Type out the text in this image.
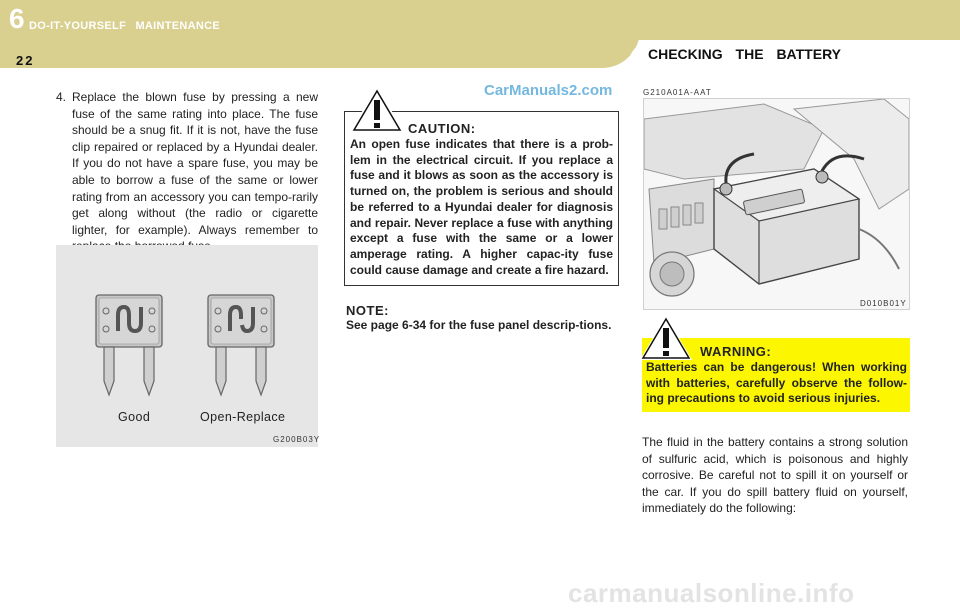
6 DO-IT-YOURSELF MAINTENANCE
22	CHECKING THE BATTERY
CarManuals2.com
4. Replace the blown fuse by pressing a new fuse of the same rating into place. The fuse should be a snug fit. If it is not, have the fuse clip repaired or replaced by a Hyundai dealer. If you do not have a spare fuse, you may be able to borrow a fuse of the same or lower rating from an accessory you can tempo-rarily get along without (the radio or cigarette lighter, for example). Always remember to
Good	Open-Replace
G200B03Y
CAUTION:
An open fuse indicates that there is a prob-lem in the electrical circuit. If you replace a fuse and it blows as soon as the accessory is turned on, the problem is serious and should be referred to a Hyundai dealer for diagnosis and repair. Never replace a fuse with anything except a fuse with the same or a lower amperage rating. A higher capac-ity fuse could cause damage and create a fire hazard.
NOTE:
See page 6-34 for the fuse panel descrip-tions.
G210A01A-AAT
D010B01Y
WARNING:
Batteries can be dangerous! When working with batteries, carefully observe the follow-ing precautions to avoid serious injuries.
The fluid in the battery contains a strong solution of sulfuric acid, which is poisonous and highly corrosive. Be careful not to spill it on yourself or the car. If you do spill battery fluid on yourself, immediately do the following:
carmanualsonline.info
